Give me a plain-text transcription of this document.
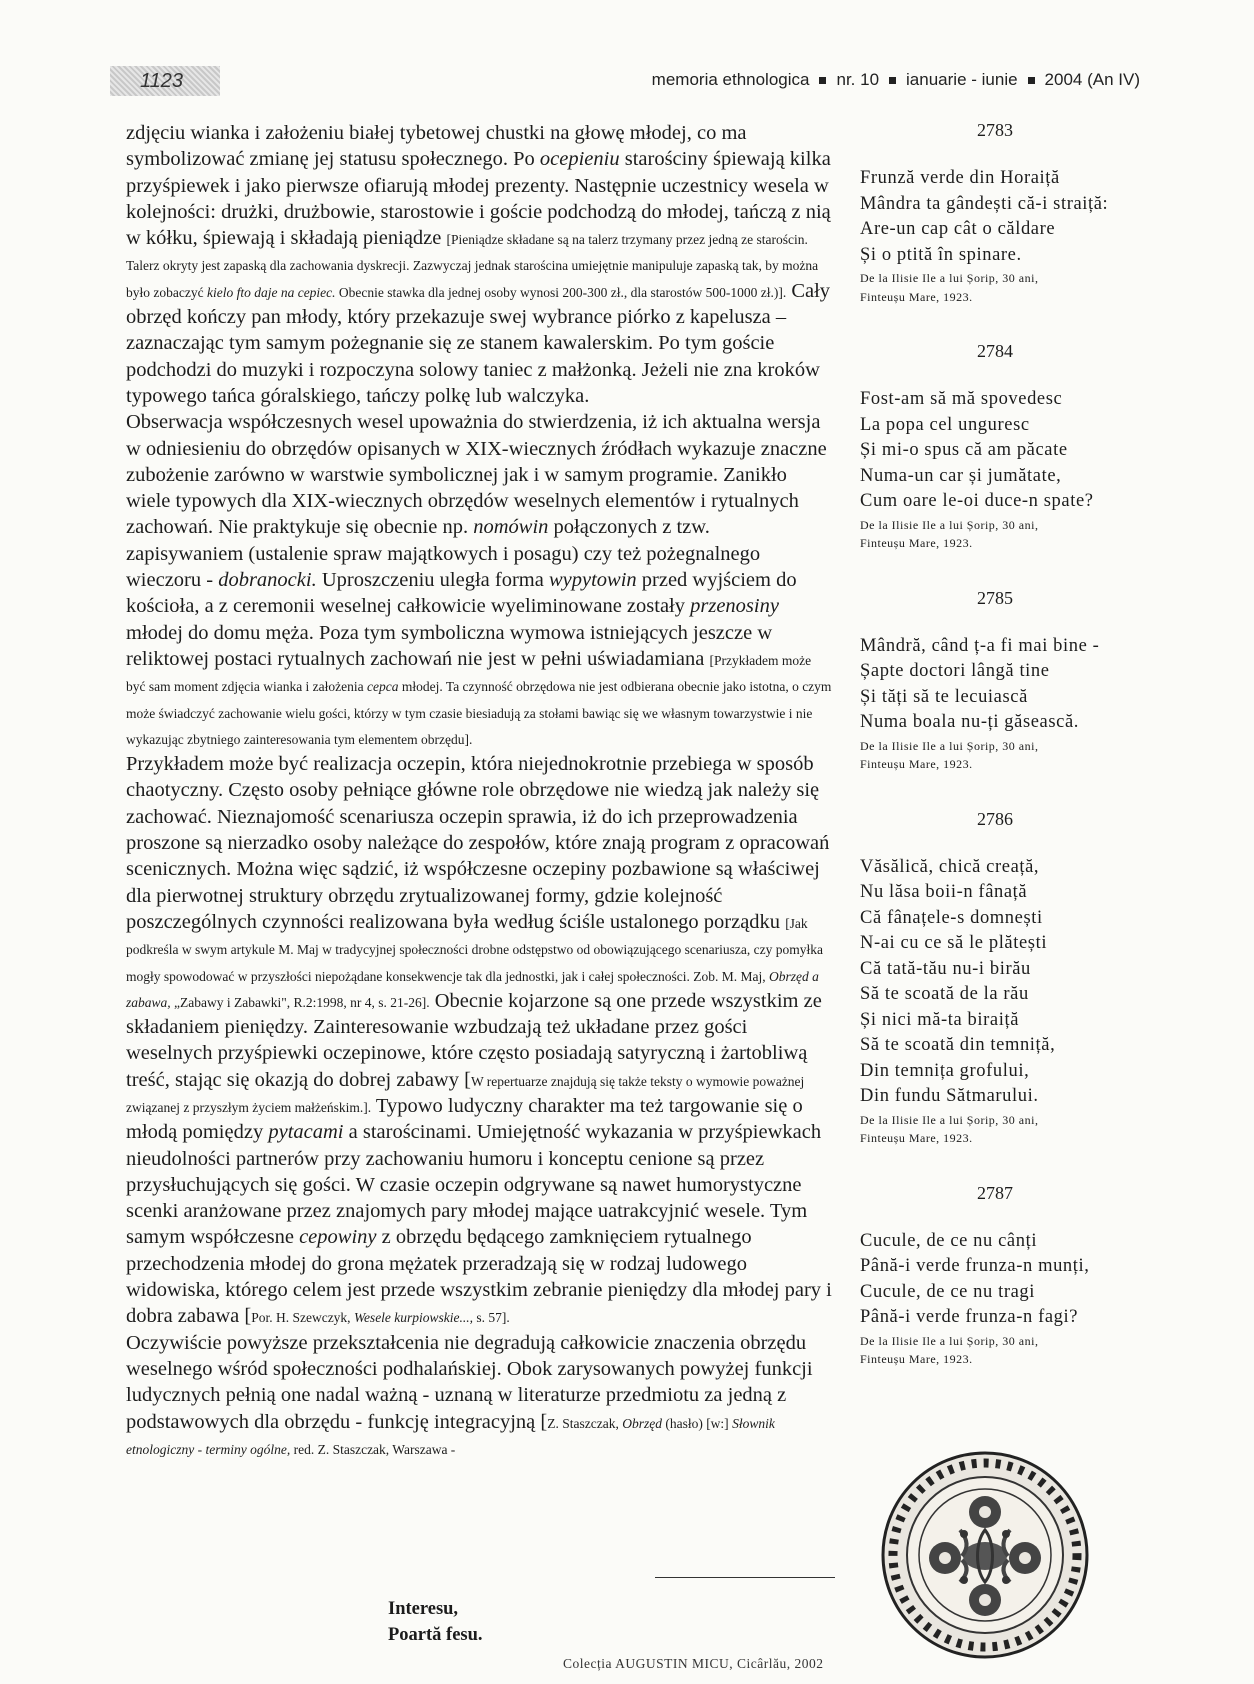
1123	memoria ethnologica nr. 10 ianuarie - iunie 2004 (An IV)

zdjęciu wianka i założeniu białej tybetowej chustki na głowę młodej, co ma symbolizować zmianę jej statusu społecznego. Po ocepieniu starościny śpiewają kilka przyśpiewek i jako pierwsze ofiarują młodej prezenty. Następnie uczestnicy wesela w kolejności: drużki, drużbowie, starostowie i goście podchodzą do młodej, tańczą z nią w kółku, śpiewają i składają pieniądze [Pieniądze składane są na talerz trzymany przez jedną ze starościn. Talerz okryty jest zapaską dla zachowania dyskrecji. Zazwyczaj jednak starościna umiejętnie manipuluje zapaską tak, by można było zobaczyć kielo fto daje na cepiec. Obecnie stawka dla jednej osoby wynosi 200-300 zł., dla starostów 500-1000 zł.)]. Cały obrzęd kończy pan młody, który przekazuje swej wybrance piórko z kapelusza – zaznaczając tym samym pożegnanie się ze stanem kawalerskim. Po tym goście podchodzi do muzyki i rozpoczyna solowy taniec z małżonką. Jeżeli nie zna kroków typowego tańca góralskiego, tańczy polkę lub walczyka.

Obserwacja współczesnych wesel upoważnia do stwierdzenia, iż ich aktualna wersja w odniesieniu do obrzędów opisanych w XIX-wiecznych źródłach wykazuje znaczne zubożenie zarówno w warstwie symbolicznej jak i w samym programie. Zanikło wiele typowych dla XIX-wiecznych obrzędów weselnych elementów i rytualnych zachowań. Nie praktykuje się obecnie np. nomówin połączonych z tzw. zapisywaniem (ustalenie spraw majątkowych i posagu) czy też pożegnalnego wieczoru - dobranocki. Uproszczeniu uległa forma wypytowin przed wyjściem do kościoła, a z ceremonii weselnej całkowicie wyeliminowane zostały przenosiny młodej do domu męża. Poza tym symboliczna wymowa istniejących jeszcze w reliktowej postaci rytualnych zachowań nie jest w pełni uświadamiana [Przykładem może być sam moment zdjęcia wianka i założenia cepca młodej. Ta czynność obrzędowa nie jest odbierana obecnie jako istotna, o czym może świadczyć zachowanie wielu gości, którzy w tym czasie biesiadują za stołami bawiąc się we własnym towarzystwie i nie wykazując zbytniego zainteresowania tym elementem obrzędu].

Przykładem może być realizacja oczepin, która niejednokrotnie przebiega w sposób chaotyczny. Często osoby pełniące główne role obrzędowe nie wiedzą jak należy się zachować. Nieznajomość scenariusza oczepin sprawia, iż do ich przeprowadzenia proszone są nierzadko osoby należące do zespołów, które znają program z opracowań scenicznych. Można więc sądzić, iż współczesne oczepiny pozbawione są właściwej dla pierwotnej struktury obrzędu zrytualizowanej formy, gdzie kolejność poszczególnych czynności realizowana była według ściśle ustalonego porządku [Jak podkreśla w swym artykule M. Maj w tradycyjnej społeczności drobne odstępstwo od obowiązującego scenariusza, czy pomyłka mogły spowodować w przyszłości niepożądane konsekwencje tak dla jednostki, jak i całej społeczności. Zob. M. Maj, Obrzęd a zabawa, „Zabawy i Zabawki", R.2:1998, nr 4, s. 21-26]. Obecnie kojarzone są one przede wszystkim ze składaniem pieniędzy. Zainteresowanie wzbudzają też układane przez gości weselnych przyśpiewki oczepinowe, które często posiadają satyryczną i żartobliwą treść, stając się okazją do dobrej zabawy [W repertuarze znajdują się także teksty o wymowie poważnej związanej z przyszłym życiem małżeńskim.]. Typowo ludyczny charakter ma też targowanie się o młodą pomiędzy pytacami a starościnami. Umiejętność wykazania w przyśpiewkach nieudolności partnerów przy zachowaniu humoru i konceptu cenione są przez przysłuchujących się gości. W czasie oczepin odgrywane są nawet humorystyczne scenki aranżowane przez znajomych pary młodej mające uatrakcyjnić wesele. Tym samym współczesne cepowiny z obrzędu będącego zamknięciem rytualnego przechodzenia młodej do grona mężatek przeradzają się w rodzaj ludowego widowiska, którego celem jest przede wszystkim zebranie pieniędzy dla młodej pary i dobra zabawa [Por. H. Szewczyk, Wesele kurpiowskie..., s. 57].

Oczywiście powyższe przekształcenia nie degradują całkowicie znaczenia obrzędu weselnego wśród społeczności podhalańskiej. Obok zarysowanych powyżej funkcji ludycznych pełnią one nadal ważną - uznaną w literaturze przedmiotu za jedną z podstawowych dla obrzędu - funkcję integracyjną [Z. Staszczak, Obrzęd (hasło) [w:] Słownik etnologiczny - terminy ogólne, red. Z. Staszczak, Warszawa -

2783
Frunză verde din Horaiță
Mândra ta gândești că-i straiță:
Are-un cap cât o căldare
Și o ptită în spinare.
De la Ilisie Ile a lui Șorip, 30 ani,
Finteușu Mare, 1923.
2784
Fost-am să mă spovedesc
La popa cel unguresc
Și mi-o spus că am păcate
Numa-un car și jumătate,
Cum oare le-oi duce-n spate?
De la Ilisie Ile a lui Șorip, 30 ani,
Finteușu Mare, 1923.
2785
Mândră, când ț-a fi mai bine -
Șapte doctori lângă tine
Și tăți să te lecuiască
Numa boala nu-ți găsească.
De la Ilisie Ile a lui Șorip, 30 ani,
Finteușu Mare, 1923.
2786
Văsălică, chică creață,
Nu lăsa boii-n fânață
Că fânațele-s domnești
N-ai cu ce să le plătești
Că tată-tău nu-i birău
Să te scoată de la rău
Și nici mă-ta biraiță
Să te scoată din temniță,
Din temnița grofului,
Din fundu Sătmarului.
De la Ilisie Ile a lui Șorip, 30 ani,
Finteușu Mare, 1923.
2787
Cucule, de ce nu cânți
Până-i verde frunza-n munți,
Cucule, de ce nu tragi
Până-i verde frunza-n fagi?
De la Ilisie Ile a lui Șorip, 30 ani,
Finteușu Mare, 1923.
Interesu,
Poartă fesu.
Colecția AUGUSTIN MICU, Cicârlău, 2002
